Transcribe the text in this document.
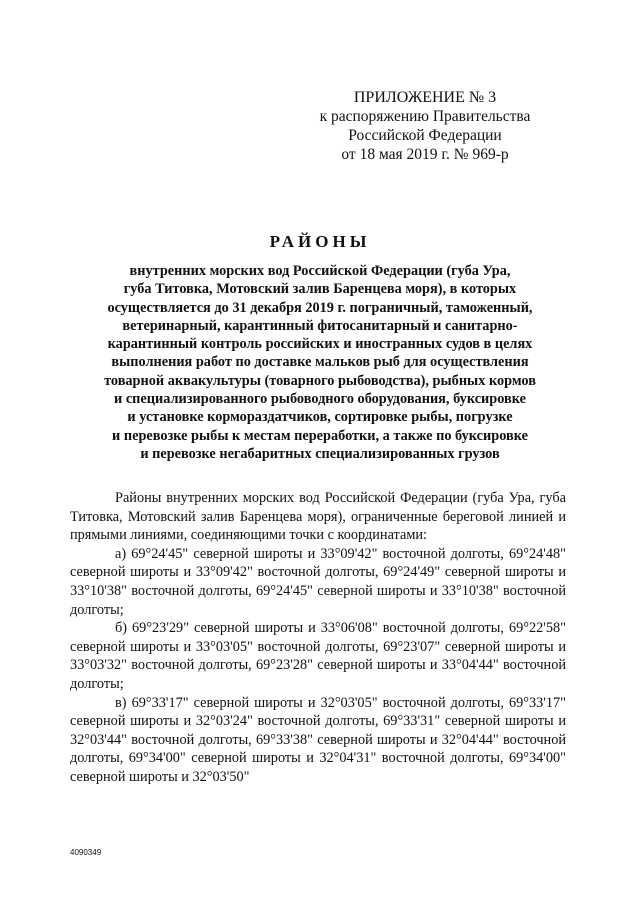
ПРИЛОЖЕНИЕ № 3
к распоряжению Правительства
Российской Федерации
от 18 мая 2019 г. № 969-р
РАЙОНЫ
внутренних морских вод Российской Федерации (губа Ура,
губа Титовка, Мотовский залив Баренцева моря), в которых
осуществляется до 31 декабря 2019 г. пограничный, таможенный,
ветеринарный, карантинный фитосанитарный и санитарно-
карантинный контроль российских и иностранных судов в целях
выполнения работ по доставке мальков рыб для осуществления
товарной аквакультуры (товарного рыбоводства), рыбных кормов
и специализированного рыбоводного оборудования, буксировке
и установке кормораздатчиков, сортировке рыбы, погрузке
и перевозке рыбы к местам переработки, а также по буксировке
и перевозке негабаритных специализированных грузов

Районы внутренних морских вод Российской Федерации (губа Ура, губа Титовка, Мотовский залив Баренцева моря), ограниченные береговой линией и прямыми линиями, соединяющими точки с координатами:

а) 69°24'45" северной широты и 33°09'42" восточной долготы, 69°24'48" северной широты и 33°09'42" восточной долготы, 69°24'49" северной широты и 33°10'38" восточной долготы, 69°24'45" северной широты и 33°10'38" восточной долготы;

б) 69°23'29" северной широты и 33°06'08" восточной долготы, 69°22'58" северной широты и 33°03'05" восточной долготы, 69°23'07" северной широты и 33°03'32" восточной долготы, 69°23'28" северной широты и 33°04'44" восточной долготы;

в) 69°33'17" северной широты и 32°03'05" восточной долготы, 69°33'17" северной широты и 32°03'24" восточной долготы, 69°33'31" северной широты и 32°03'44" восточной долготы, 69°33'38" северной широты и 32°04'44" восточной долготы, 69°34'00" северной широты и 32°04'31" восточной долготы, 69°34'00" северной широты и 32°03'50"

4090349
